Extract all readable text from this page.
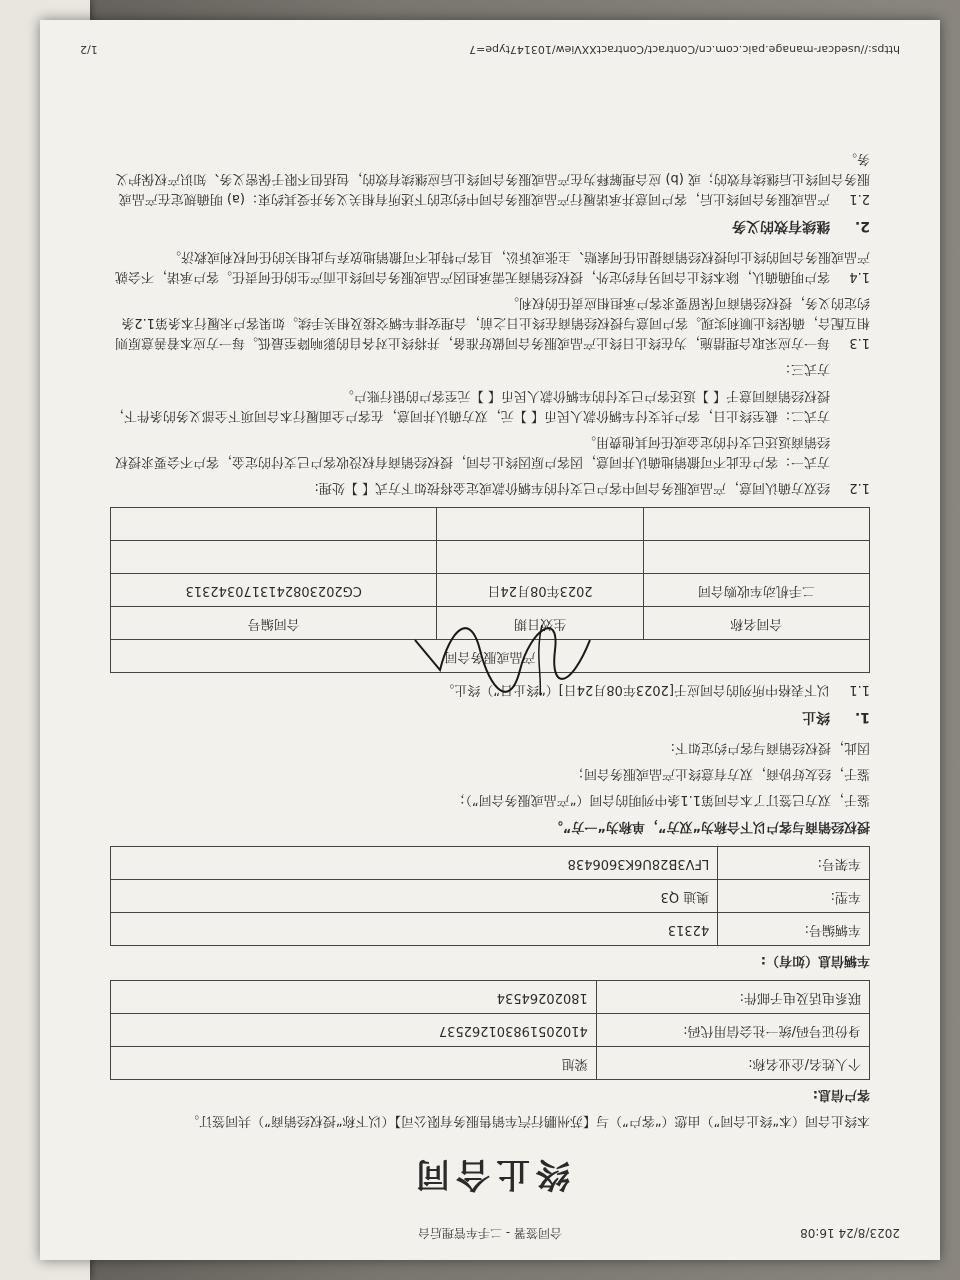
2023/8/24 16:08
合同签署 - 二手车管理后台
终止合同

本终止合同（本“终止合同”）由您（“客户”）与【苏州鹏行汽车销售服务有限公司】（以下称“授权经销商”）共同签订。

客户信息:
个人姓名/企业名称:	梁旭
身份证号码/统一社会信用代码:	410205198301262537
联系电话及电子邮件:	18020264534
车辆信息（如有）:
车辆编号:	42313
车型:	奥迪 Q3
车架号:	LFV3B28U6K3606438

授权经销商与客户以下合称为“双方”，单称为“一方”。

鉴于，双方已签订了本合同第1.1条中列明的合同（“产品或服务合同”）；

鉴于，经友好协商，双方有意终止产品或服务合同；

因此，授权经销商与客户约定如下:

1.终止

1.1以下表格中所列的合同应于[2023年08月24日]（“终止日”）终止。

产品或服务合同		
合同名称	生效日期	合同编号
二手机动车收购合同	2023年08月24日	CG2023082413170342313

1.2经双方确认同意，产品或服务合同中客户已支付的车辆价款或定金将按如下方式【 】处理:

方式一：客户在此不可撤销地确认并同意，因客户原因终止合同，授权经销商有权没收客户已支付的定金，客户不会要求授权经销商返还已支付的定金或任何其他费用。

方式二：截至终止日，客户共支付车辆价款人民币【 】元，双方确认并同意，在客户全面履行本合同项下全部义务的条件下，授权经销商同意于【 】返还客户已支付的车辆价款人民币【 】元至客户的银行账户。

方式三：

1.3每一方应采取合理措施，为在终止日终止产品或服务合同做好准备，并将终止对各自的影响降至最低。每一方应本着善意原则相互配合，确保终止顺利实现。客户同意与授权经销商在终止日之前，合理安排车辆交接及相关手续。如果客户未履行本条第1.2条约定的义务，授权经销商可保留要求客户承担相应责任的权利。

1.4客户明确确认，除本终止合同另有约定外，授权经销商无需承担因产品或服务合同终止而产生的任何责任。客户承诺，不会就产品或服务合同的终止向授权经销商提出任何索赔、主张或诉讼，且客户特此不可撤销地放弃与此相关的任何权利或救济。

2.继续有效的义务

2.1产品或服务合同终止后，客户同意并承诺履行产品或服务合同中约定的下述所有相关义务并受其约束：(a) 明确规定在产品或服务合同终止后继续有效的；或 (b) 应合理解释为在产品或服务合同终止后应继续有效的，包括但不限于保密义务、知识产权保护义务。

https://usedcar-manage.paic.com.cn/Contract/ContractXXView/103147type=7
1/2
